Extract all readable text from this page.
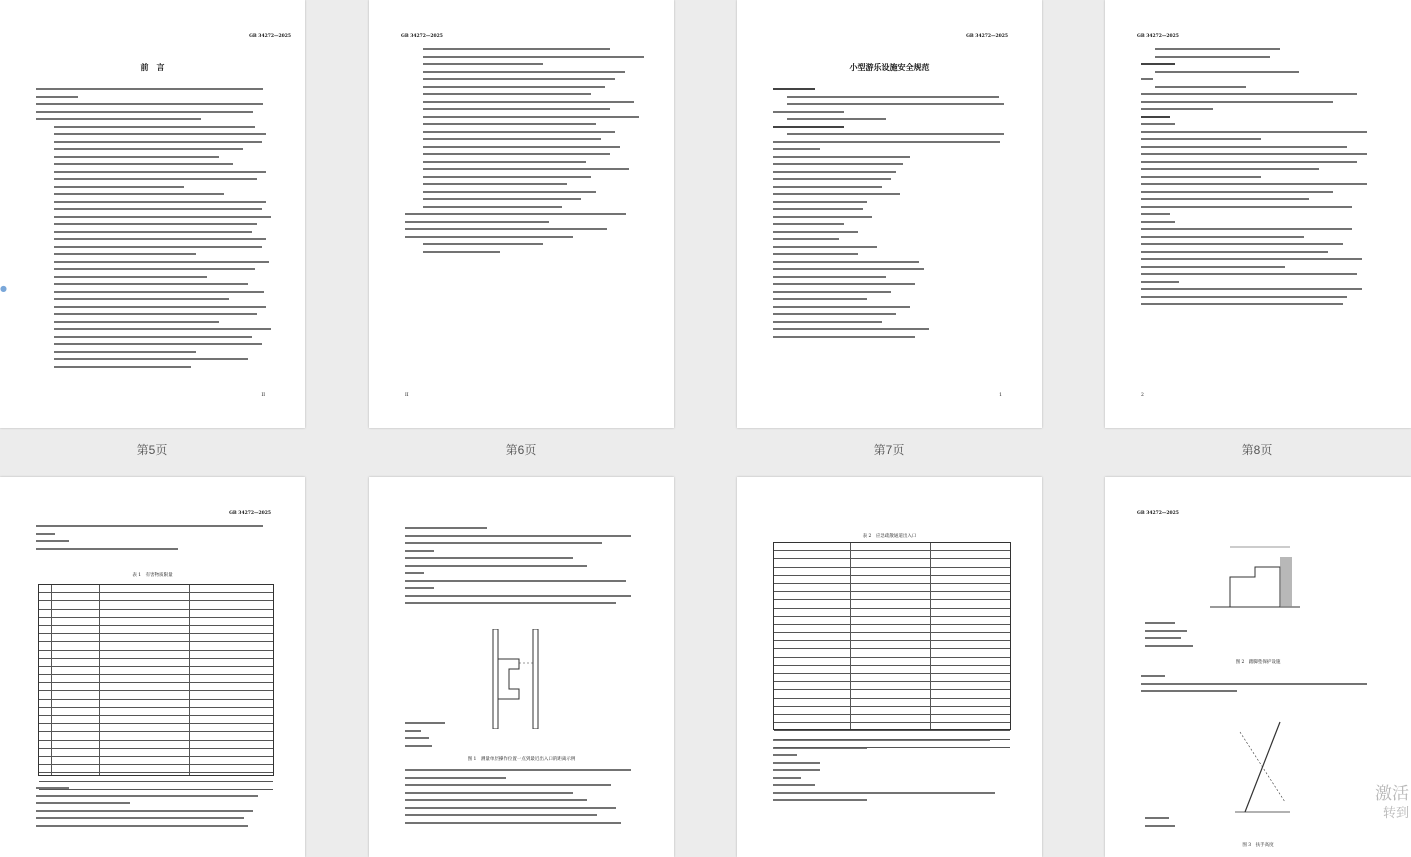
GB 34272—2025
前　言
II
●
第5页
GB 34272—2025
II
第6页
GB 34272—2025
小型游乐设施安全规范
1
第7页
GB 34272—2025
2
第8页
GB 34272—2025
表 1　有害物质限量
图 1　测量单层操作位置一点到最近出入口的距离示例
表 2　应急疏散通道出入口
GB 34272—2025
图 2　踏脚垫保护设施
图 3　扶手高度
激活
转到
